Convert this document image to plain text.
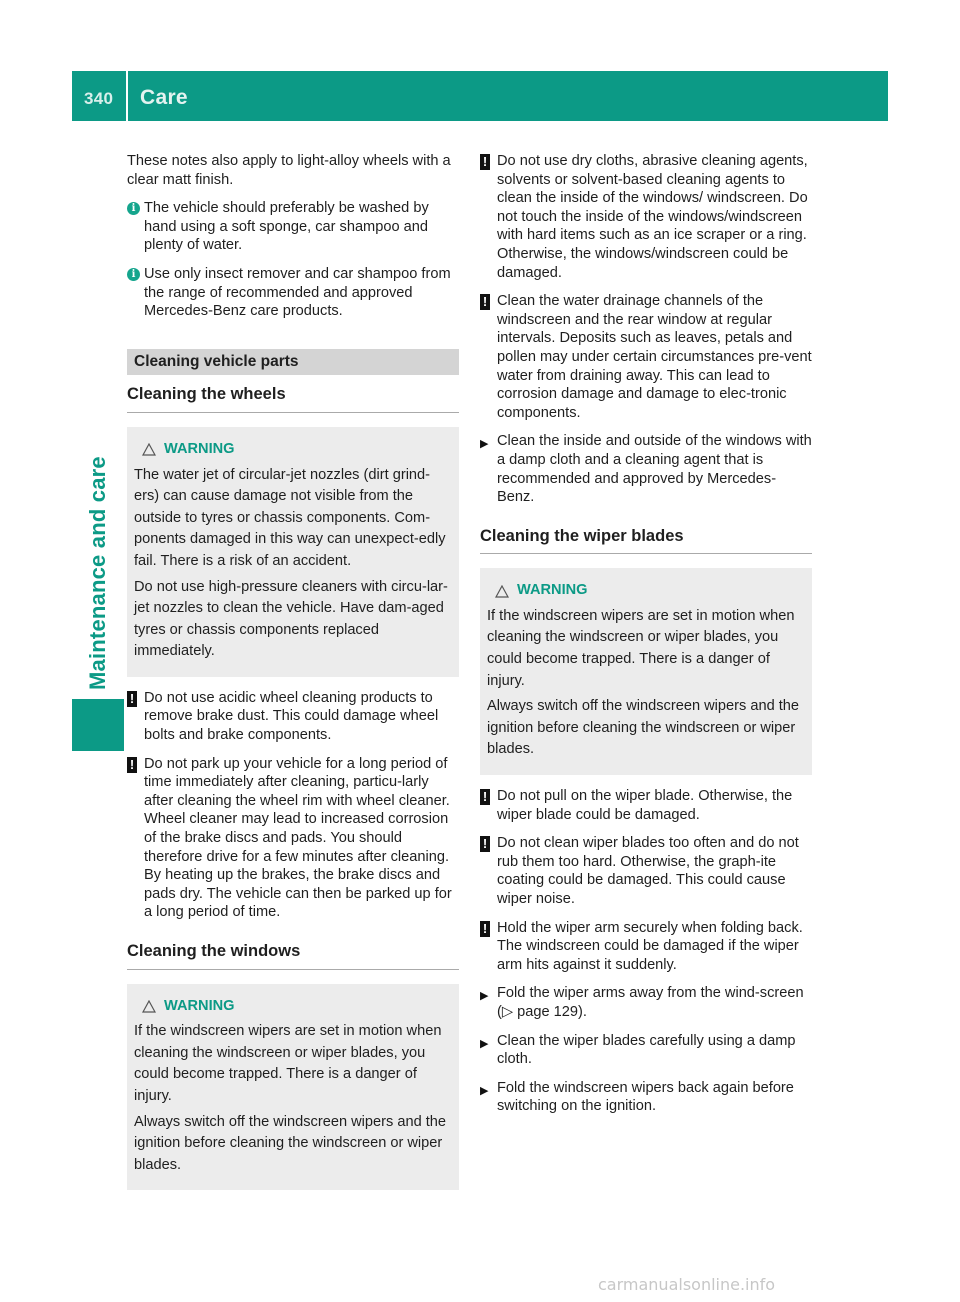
340 Care
Maintenance and care

These notes also apply to light-alloy wheels with a clear matt finish.

i The vehicle should preferably be washed by hand using a soft sponge, car shampoo and plenty of water.
i Use only insect remover and car shampoo from the range of recommended and approved Mercedes-Benz care products.
Cleaning vehicle parts
Cleaning the wheels
WARNING

The water jet of circular-jet nozzles (dirt grind-ers) can cause damage not visible from the outside to tyres or chassis components. Com-ponents damaged in this way can unexpect-edly fail. There is a risk of an accident.

Do not use high-pressure cleaners with circu-lar-jet nozzles to clean the vehicle. Have dam-aged tyres or chassis components replaced immediately.

! Do not use acidic wheel cleaning products to remove brake dust. This could damage wheel bolts and brake components.
! Do not park up your vehicle for a long period of time immediately after cleaning, particu-larly after cleaning the wheel rim with wheel cleaner. Wheel cleaner may lead to increased corrosion of the brake discs and pads. You should therefore drive for a few minutes after cleaning. By heating up the brakes, the brake discs and pads dry. The vehicle can then be parked up for a long period of time.
Cleaning the windows
WARNING

If the windscreen wipers are set in motion when cleaning the windscreen or wiper blades, you could become trapped. There is a danger of injury.

Always switch off the windscreen wipers and the ignition before cleaning the windscreen or wiper blades.

! Do not use dry cloths, abrasive cleaning agents, solvents or solvent-based cleaning agents to clean the inside of the windows/ windscreen. Do not touch the inside of the windows/windscreen with hard items such as an ice scraper or a ring. Otherwise, the windows/windscreen could be damaged.
! Clean the water drainage channels of the windscreen and the rear window at regular intervals. Deposits such as leaves, petals and pollen may under certain circumstances pre-vent water from draining away. This can lead to corrosion damage and damage to elec-tronic components.
▶ Clean the inside and outside of the windows with a damp cloth and a cleaning agent that is recommended and approved by Mercedes-Benz.
Cleaning the wiper blades
WARNING

If the windscreen wipers are set in motion when cleaning the windscreen or wiper blades, you could become trapped. There is a danger of injury.

Always switch off the windscreen wipers and the ignition before cleaning the windscreen or wiper blades.

! Do not pull on the wiper blade. Otherwise, the wiper blade could be damaged.
! Do not clean wiper blades too often and do not rub them too hard. Otherwise, the graph-ite coating could be damaged. This could cause wiper noise.
! Hold the wiper arm securely when folding back. The windscreen could be damaged if the wiper arm hits against it suddenly.
▶ Fold the wiper arms away from the wind-screen (▷ page 129).
▶ Clean the wiper blades carefully using a damp cloth.
▶ Fold the windscreen wipers back again before switching on the ignition.
carmanualsonline.info
